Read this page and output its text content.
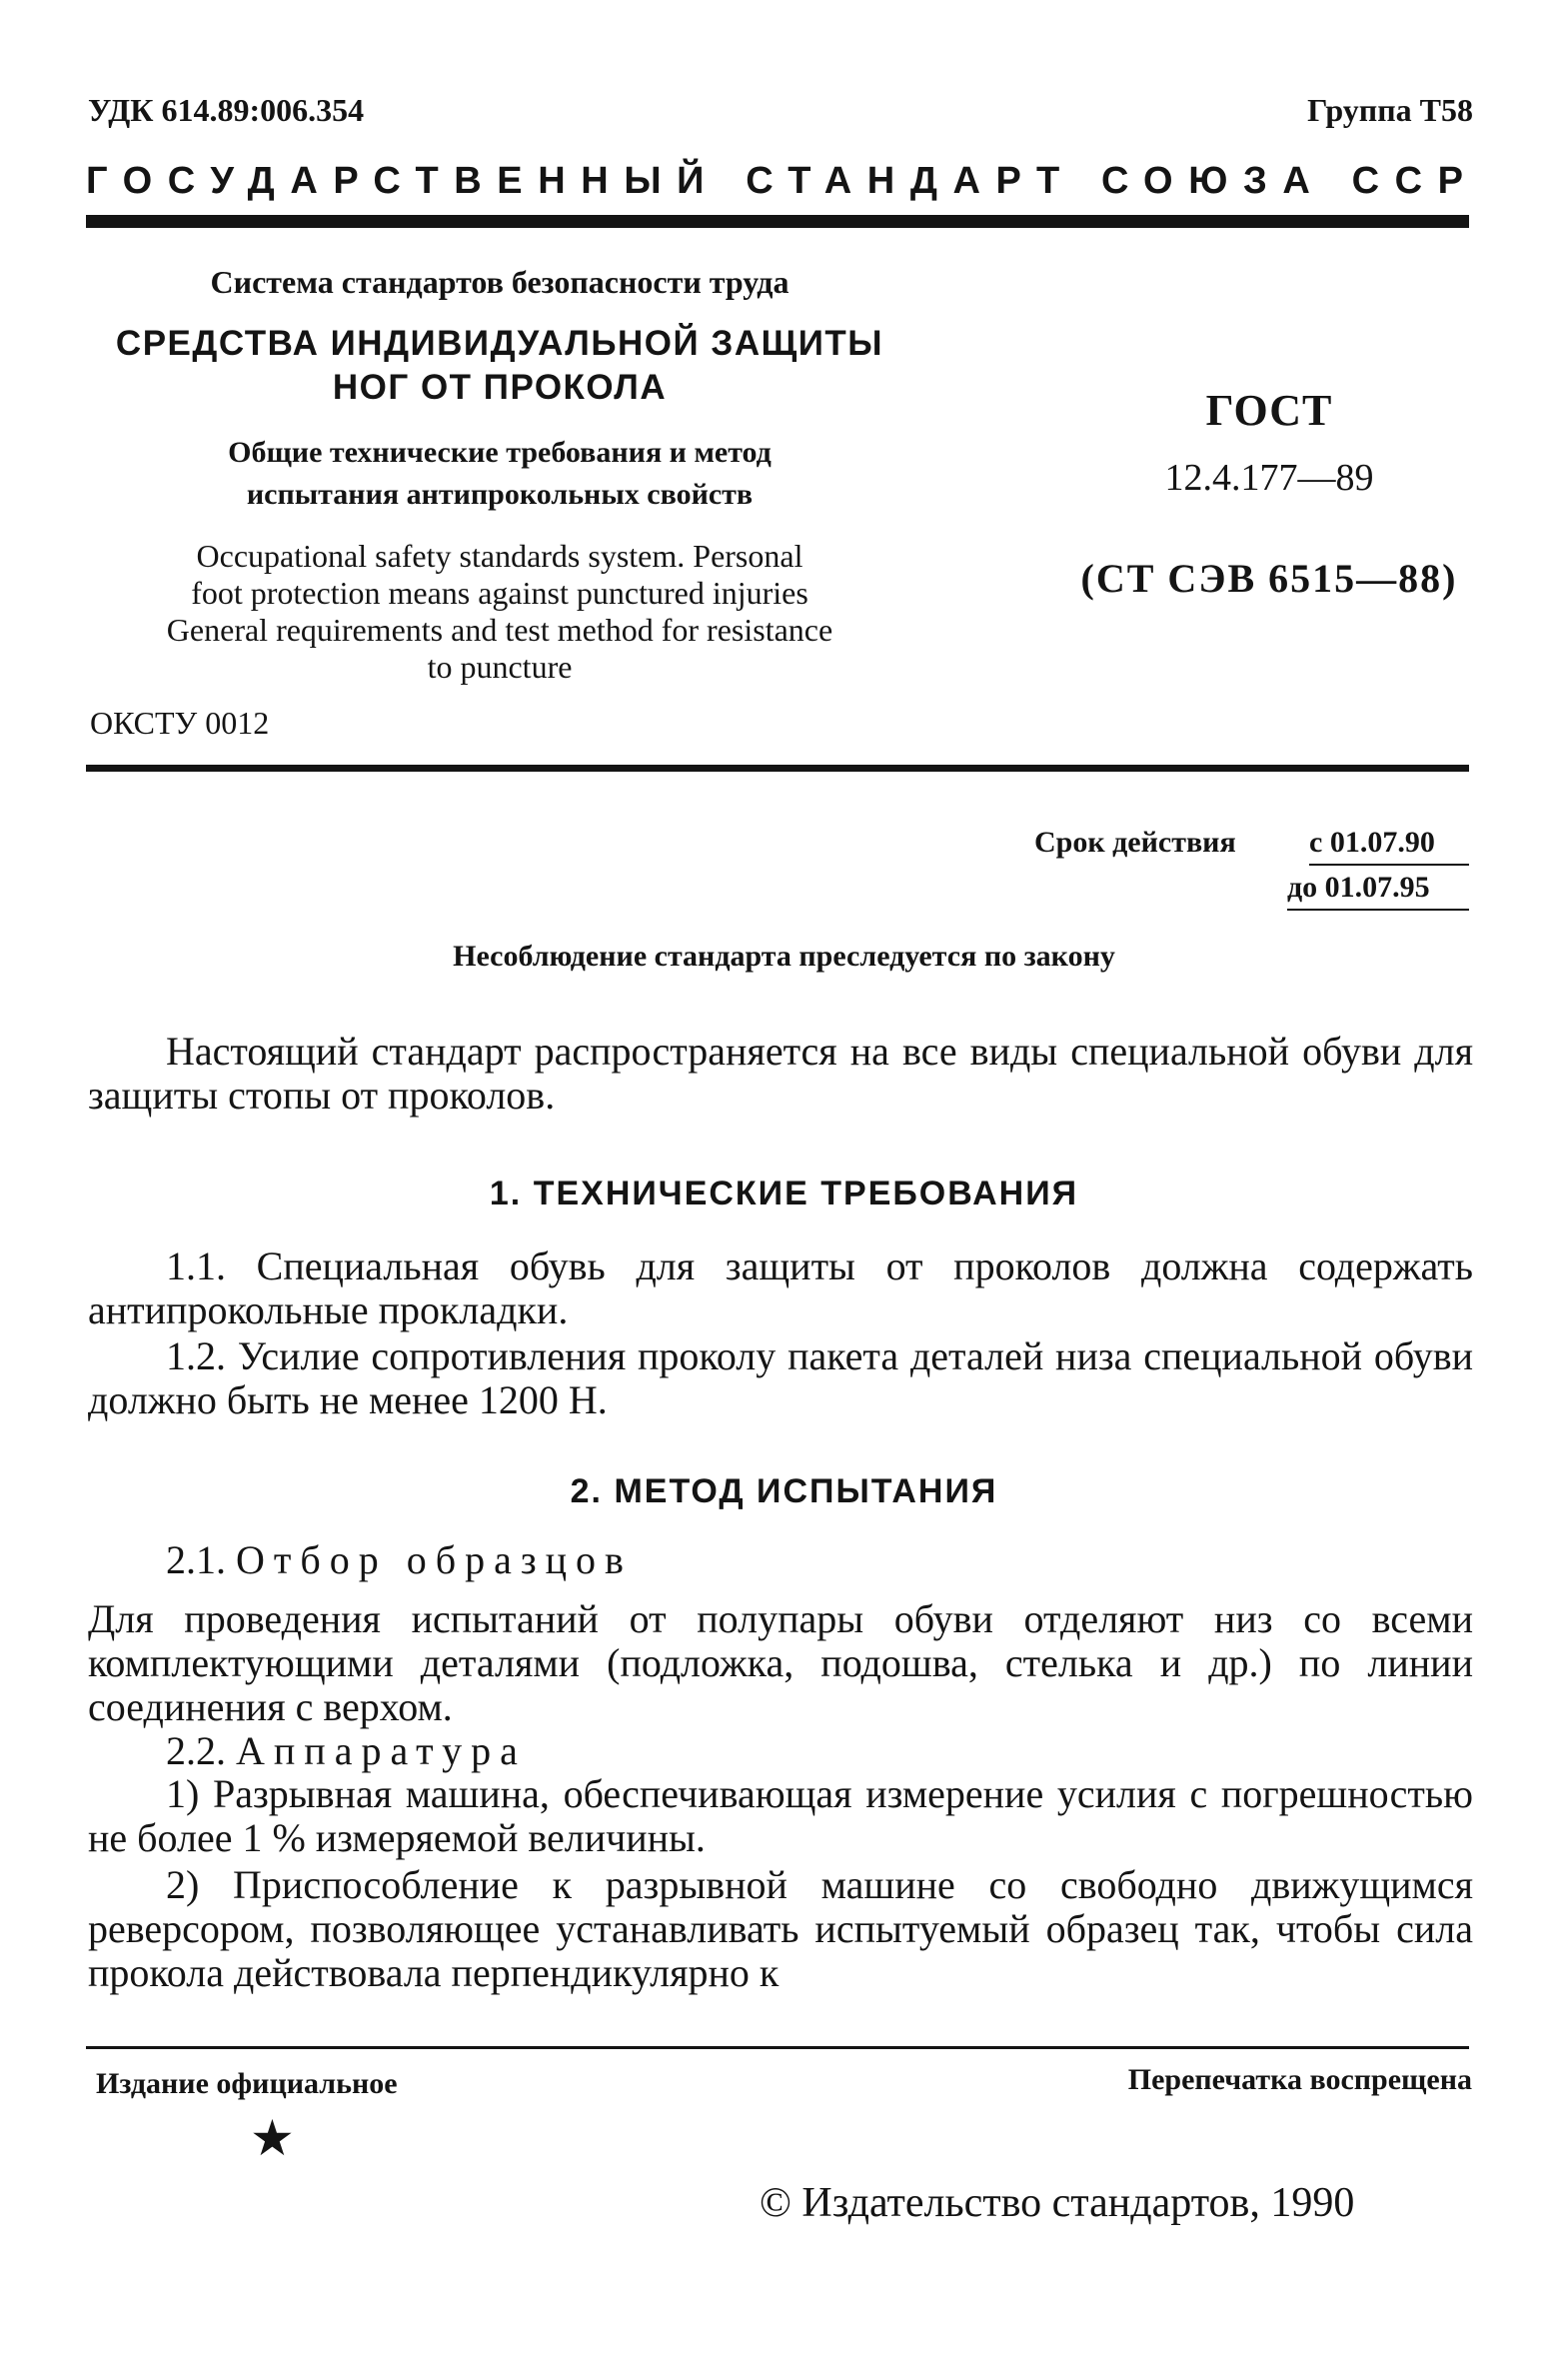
УДК 614.89:006.354	Группа Т58
ГОСУДАРСТВЕННЫЙ СТАНДАРТ СОЮЗА ССР
Система стандартов безопасности труда
СРЕДСТВА ИНДИВИДУАЛЬНОЙ ЗАЩИТЫ
НОГ ОТ ПРОКОЛА
Общие технические требования и метод
испытания антипрокольных свойств
Occupational safety standards system. Personal
foot protection means against punctured injuries
General requirements and test method for resistance
to puncture
ОКСТУ 0012
ГОСТ
12.4.177—89
(СТ СЭВ 6515—88)
Срок действия с 01.07.90
до 01.07.95
Несоблюдение стандарта преследуется по закону
Настоящий стандарт распространяется на все виды специальной обуви для защиты стопы от проколов.
1. ТЕХНИЧЕСКИЕ ТРЕБОВАНИЯ
1.1. Специальная обувь для защиты от проколов должна содержать антипрокольные прокладки.
1.2. Усилие сопротивления проколу пакета деталей низа специальной обуви должно быть не менее 1200 Н.
2. МЕТОД ИСПЫТАНИЯ
2.1. Отбор образцов
Для проведения испытаний от полупары обуви отделяют низ со всеми комплектующими деталями (подложка, подошва, стелька и др.) по линии соединения с верхом.
2.2. Аппаратура
1) Разрывная машина, обеспечивающая измерение усилия с погрешностью не более 1 % измеряемой величины.
2) Приспособление к разрывной машине со свободно движущимся реверсором, позволяющее устанавливать испытуемый образец так, чтобы сила прокола действовала перпендикулярно к
Издание официальное	Перепечатка воспрещена
★
© Издательство стандартов, 1990
